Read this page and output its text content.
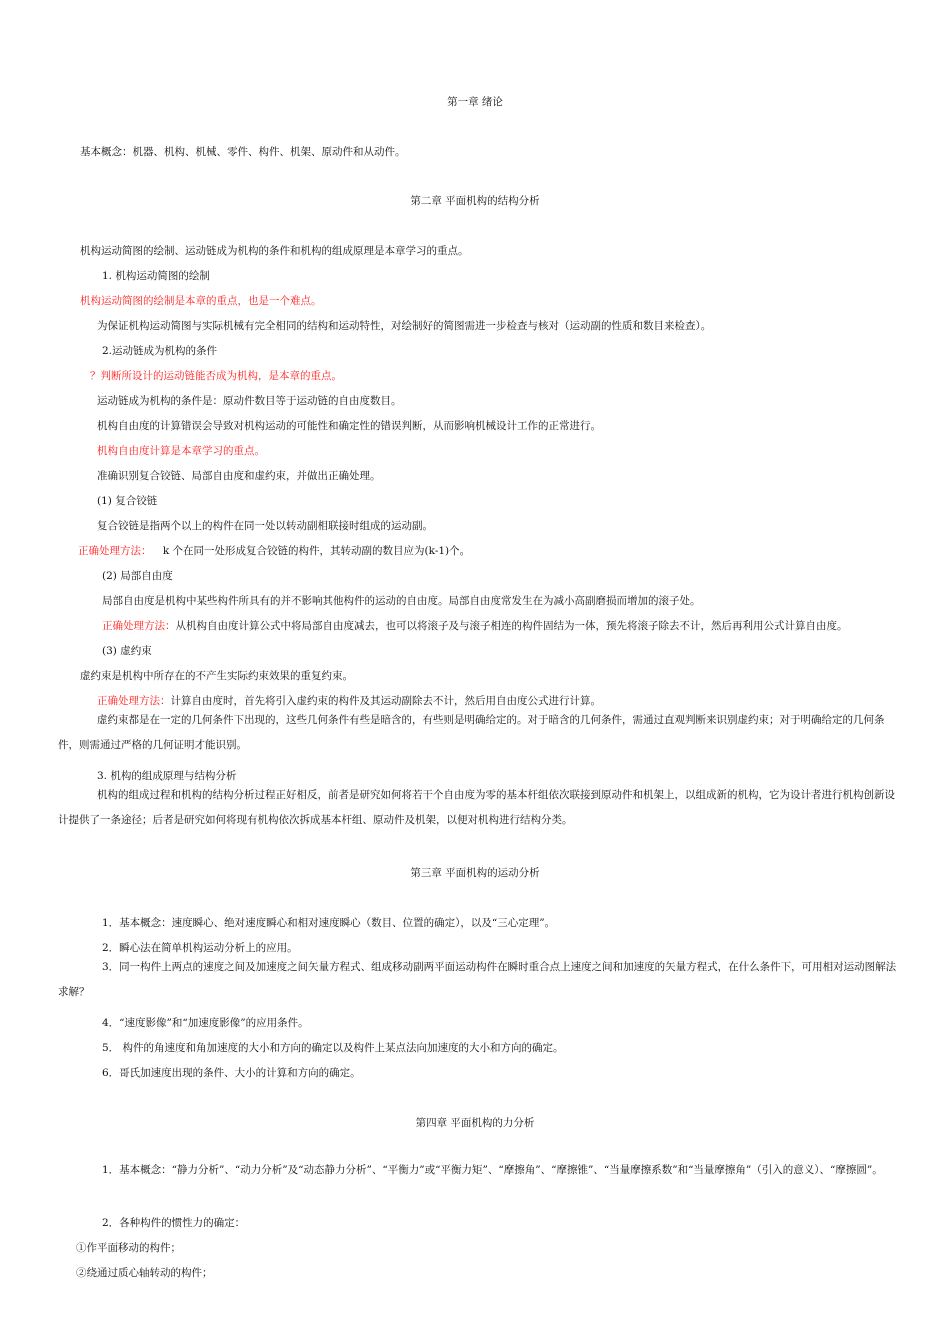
第一章 绪论
基本概念：机器、机构、机械、零件、构件、机架、原动件和从动件。
第二章 平面机构的结构分析
机构运动简图的绘制、运动链成为机构的条件和机构的组成原理是本章学习的重点。
1. 机构运动简图的绘制
机构运动简图的绘制是本章的重点，也是一个难点。
为保证机构运动简图与实际机械有完全相同的结构和运动特性，对绘制好的简图需进一步检查与核对（运动副的性质和数目来检查）。
2.运动链成为机构的条件
？判断所设计的运动链能否成为机构，是本章的重点。
运动链成为机构的条件是：原动件数目等于运动链的自由度数目。
机构自由度的计算错误会导致对机构运动的可能性和确定性的错误判断，从而影响机械设计工作的正常进行。
机构自由度计算是本章学习的重点。
准确识别复合铰链、局部自由度和虚约束，并做出正确处理。
(1) 复合铰链
复合铰链是指两个以上的构件在同一处以转动副相联接时组成的运动副。
正确处理方法： k 个在同一处形成复合铰链的构件，其转动副的数目应为(k-1)个。
(2) 局部自由度
局部自由度是机构中某些构件所具有的并不影响其他构件的运动的自由度。局部自由度常发生在为减小高副磨损而增加的滚子处。
正确处理方法：从机构自由度计算公式中将局部自由度减去，也可以将滚子及与滚子相连的构件固结为一体，预先将滚子除去不计，然后再利用公式计算自由度。
(3) 虚约束
虚约束是机构中所存在的不产生实际约束效果的重复约束。
正确处理方法：计算自由度时，首先将引入虚约束的构件及其运动副除去不计，然后用自由度公式进行计算。
虚约束都是在一定的几何条件下出现的，这些几何条件有些是暗含的，有些则是明确给定的。对于暗含的几何条件，需通过直观判断来识别虚约束；对于明确给定的几何条件，则需通过严格的几何证明才能识别。
3. 机构的组成原理与结构分析
机构的组成过程和机构的结构分析过程正好相反，前者是研究如何将若干个自由度为零的基本杆组依次联接到原动件和机架上，以组成新的机构，它为设计者进行机构创新设计提供了一条途径；后者是研究如何将现有机构依次拆成基本杆组、原动件及机架，以便对机构进行结构分类。
第三章 平面机构的运动分析
1．基本概念：速度瞬心、绝对速度瞬心和相对速度瞬心（数目、位置的确定），以及“三心定理”。
2．瞬心法在简单机构运动分析上的应用。
3．同一构件上两点的速度之间及加速度之间矢量方程式、组成移动副两平面运动构件在瞬时重合点上速度之间和加速度的矢量方程式，在什么条件下，可用相对运动图解法求解？
4．“速度影像”和“加速度影像”的应用条件。
5． 构件的角速度和角加速度的大小和方向的确定以及构件上某点法向加速度的大小和方向的确定。
6．哥氏加速度出现的条件、大小的计算和方向的确定。
第四章 平面机构的力分析
1．基本概念：“静力分析”、“动力分析”及“动态静力分析”、“平衡力”或“平衡力矩”、“摩擦角”、“摩擦锥”、“当量摩擦系数”和“当量摩擦角”（引入的意义）、“摩擦圆”。
2．各种构件的惯性力的确定：
①作平面移动的构件；
②绕通过质心轴转动的构件；
